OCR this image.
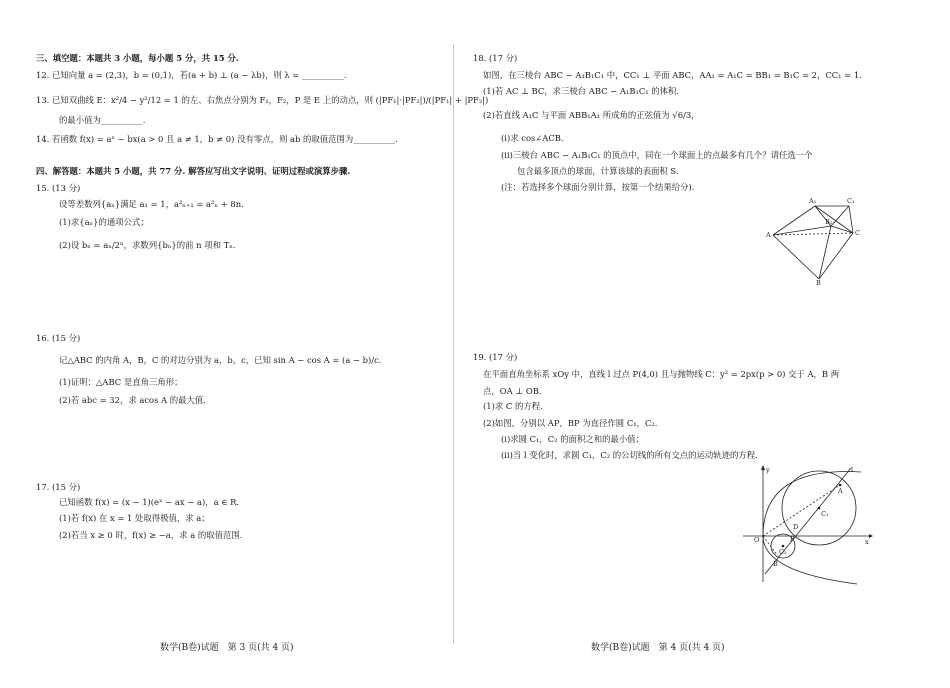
三、填空题：本题共 3 小题，每小题 5 分，共 15 分.
12. 已知向量 a = (2,3)，b = (0,1)，若(a + b) ⊥ (a − λb)，则 λ = __________.
13. 已知双曲线 E：x²/4 − y²/12 = 1 的左、右焦点分别为 F₁，F₂，P 是 E 上的动点，则 (|PF₁|·|PF₂|)/(|PF₁| + |PF₂|)
的最小值为__________.
14. 若函数 f(x) = aˣ − bx(a > 0 且 a ≠ 1，b ≠ 0) 没有零点，则 ab 的取值范围为__________.
四、解答题：本题共 5 小题，共 77 分. 解答应写出文字说明、证明过程或演算步骤.
15. (13 分)
设等差数列{aₙ}满足 a₁ = 1，a²ₙ₊₁ = a²ₙ + 8n.
(1)求{aₙ}的通项公式；
(2)设 bₙ = aₙ/2ⁿ，求数列{bₙ}的前 n 项和 Tₙ.
16. (15 分)
记△ABC 的内角 A，B，C 的对边分别为 a，b，c，已知 sin A − cos A = (a − b)/c.
(1)证明：△ABC 是直角三角形；
(2)若 abc = 32，求 acos A 的最大值.
17. (15 分)
已知函数 f(x) = (x − 1)(eˣ − ax − a)，a ∈ R.
(1)若 f(x) 在 x = 1 处取得极值，求 a；
(2)若当 x ≥ 0 时，f(x) ≥ −a，求 a 的取值范围.
数学(B卷)试题　第 3 页(共 4 页)
18. (17 分)
如图，在三棱台 ABC − A₁B₁C₁ 中，CC₁ ⊥ 平面 ABC，AA₁ = A₁C = BB₁ = B₁C = 2，CC₁ = 1.
(1)若 AC ⊥ BC，求三棱台 ABC − A₁B₁C₁ 的体积.
(2)若直线 A₁C 与平面 ABB₁A₁ 所成角的正弦值为 √6/3，
(ⅰ)求 cos∠ACB.
(ⅱ)三棱台 ABC − A₁B₁C₁ 的顶点中，同在一个球面上的点最多有几个？请任选一个
包含最多顶点的球面，计算该球的表面积 S.
(注：若选择多个球面分别计算，按第一个结果给分).
A₁	C₁
B₁
A	C
B
19. (17 分)
在平面直角坐标系 xOy 中，直线 l 过点 P(4,0) 且与抛物线 C：y² = 2px(p > 0) 交于 A，B 两
点，OA ⊥ OB.
(1)求 C 的方程.
(2)如图，分别以 AP，BP 为直径作圆 C₁，C₂.
(ⅰ)求圆 C₁，C₂ 的面积之和的最小值；
(ⅱ)当 l 变化时，求圆 C₁，C₂ 的公切线的所有交点的运动轨迹的方程.
y	l
A
C₁
D
O	P	x
C₂
B
数学(B卷)试题　第 4 页(共 4 页)
